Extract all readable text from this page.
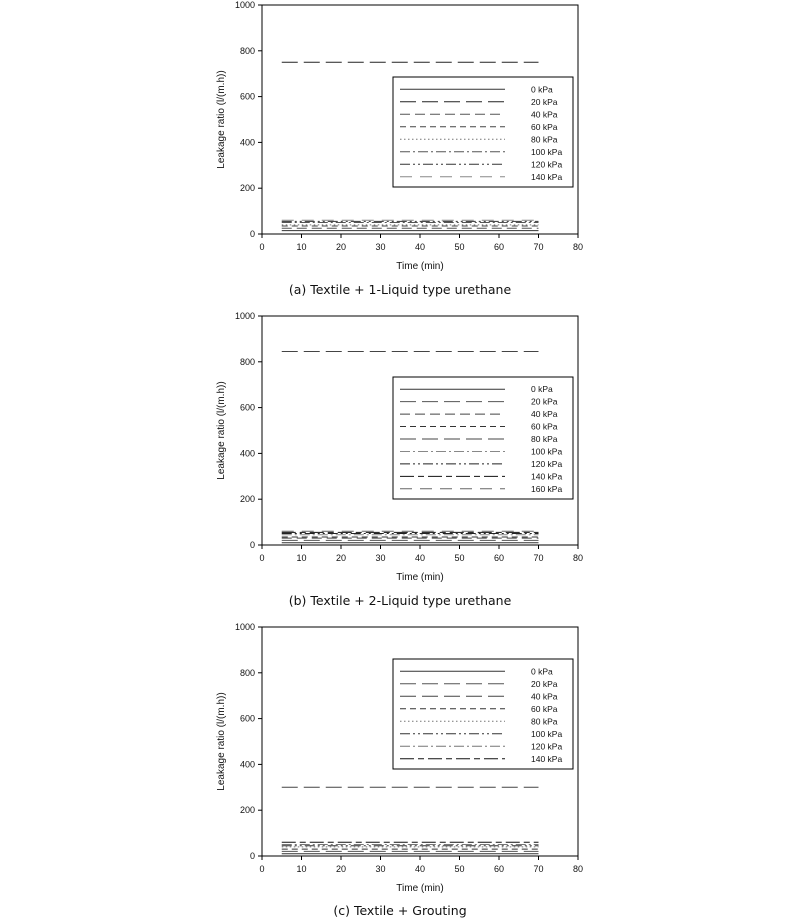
0	10	20	30	40	50	60	70	80
0
200
400
600
800
1000
Time (min)
Leakage ratio (l/(m.h))	0 kPa
20 kPa
40 kPa
60 kPa
80 kPa
100 kPa
120 kPa
140 kPa
(a) Textile + 1-Liquid type urethane
0	10	20	30	40	50	60	70	80
0
200
400
600
800
1000
Time (min)
Leakage ratio (l/(m.h))	0 kPa
20 kPa
40 kPa
60 kPa
80 kPa
100 kPa
120 kPa
140 kPa
160 kPa
(b) Textile + 2-Liquid type urethane
0	10	20	30	40	50	60	70	80
0
200
400
600
800
1000
Time (min)
Leakage ratio (l/(m.h))
0 kPa
20 kPa
40 kPa
60 kPa
80 kPa
100 kPa
120 kPa
140 kPa
(c) Textile + Grouting
